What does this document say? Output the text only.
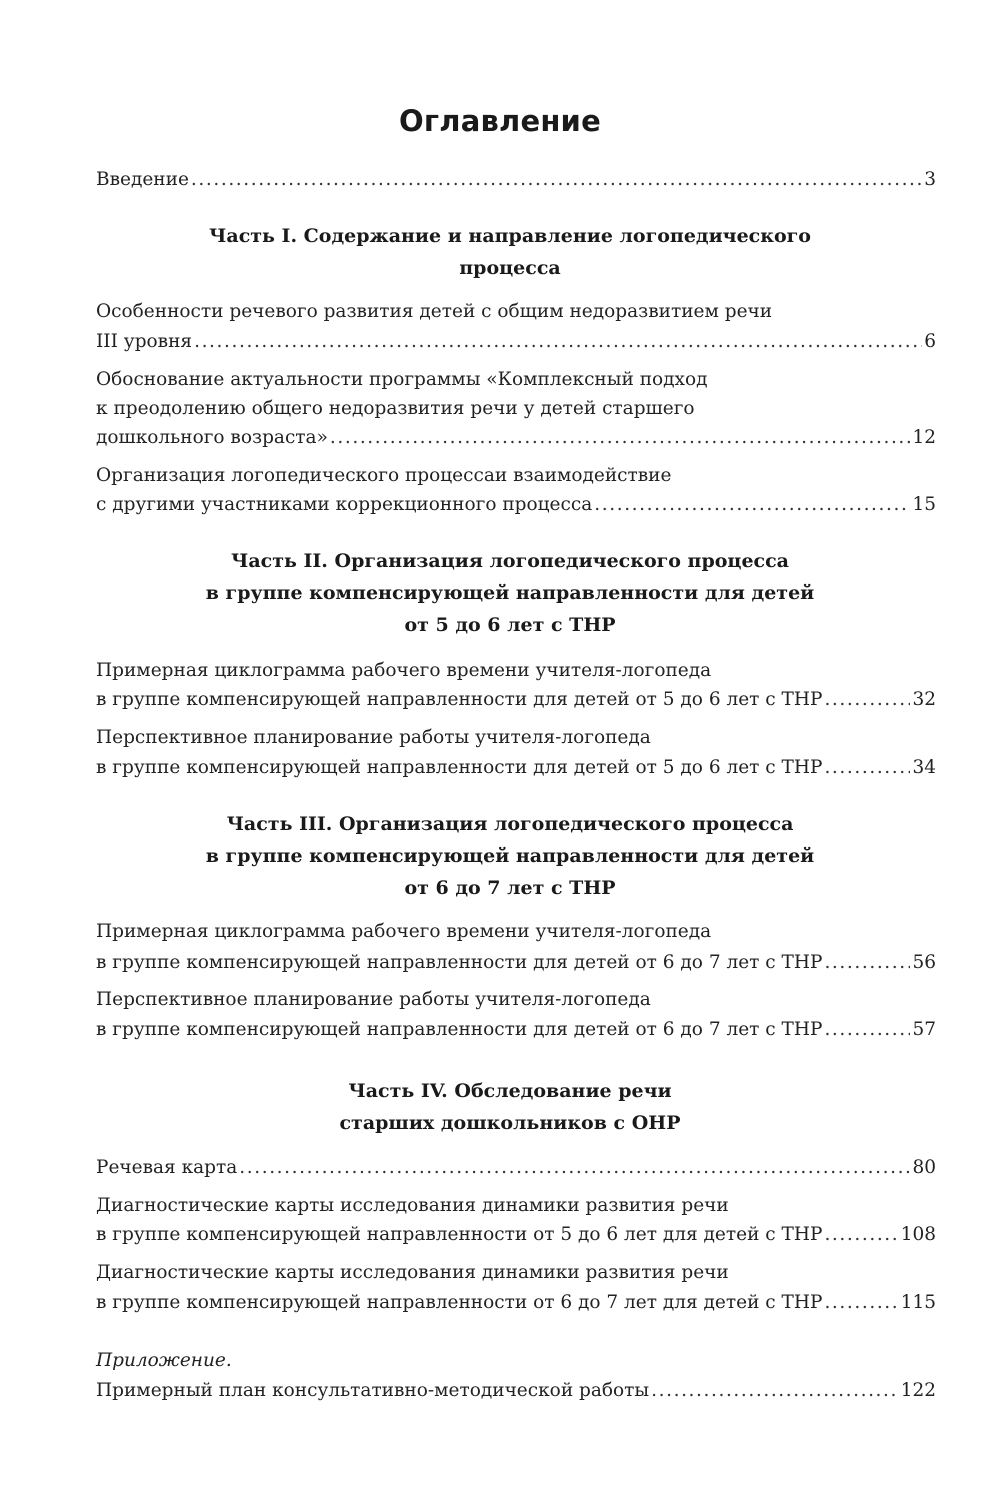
Оглавление
Введение .....	3
Часть I. Содержание и направление логопедического
процесса
Особенности речевого развития детей с общим недоразвитием речи
III уровня .....	6
Обоснование актуальности программы «Комплексный подход
к преодолению общего недоразвития речи у детей старшего
дошкольного возраста» .....	12
Организация логопедического процессаи взаимодействие
с другими участниками коррекционного процесса .....	15
Часть II. Организация логопедического процесса
в группе компенсирующей направленности для детей
от 5 до 6 лет с ТНР
Примерная циклограмма рабочего времени учителя-логопеда
в группе компенсирующей направленности для детей от 5 до 6 лет с ТНР .....	32
Перспективное планирование работы учителя-логопеда
в группе компенсирующей направленности для детей от 5 до 6 лет с ТНР .....	34
Часть III. Организация логопедического процесса
в группе компенсирующей направленности для детей
от 6 до 7 лет с ТНР
Примерная циклограмма рабочего времени учителя-логопеда
в группе компенсирующей направленности для детей от 6 до 7 лет с ТНР .....	56
Перспективное планирование работы учителя-логопеда
в группе компенсирующей направленности для детей от 6 до 7 лет с ТНР .....	57
Часть IV. Обследование речи
старших дошкольников с ОНР
Речевая карта .....	80
Диагностические карты исследования динамики развития речи
в группе компенсирующей направленности от 5 до 6 лет для детей с ТНР .....	108
Диагностические карты исследования динамики развития речи
в группе компенсирующей направленности от 6 до 7 лет для детей с ТНР .....	115
Приложение.
Примерный план консультативно-методической работы .....	122
